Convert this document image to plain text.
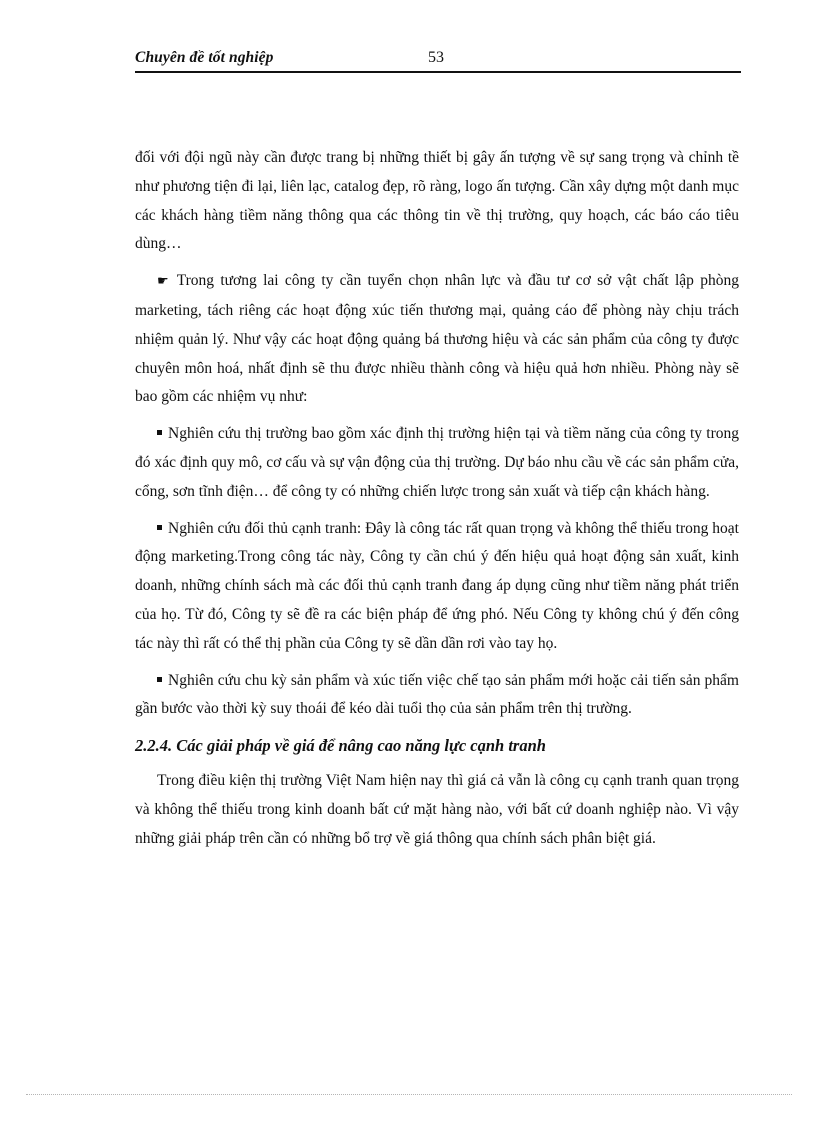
Chuyên đề tốt nghiệp	53

đối với đội ngũ này cần được trang bị những thiết bị gây ấn tượng về sự sang trọng và chỉnh tề như phương tiện đi lại, liên lạc, catalog đẹp, rõ ràng, logo ấn tượng. Cần xây dựng một danh mục các khách hàng tiềm năng thông qua các thông tin về thị trường, quy hoạch, các báo cáo tiêu dùng…

☛ Trong tương lai công ty cần tuyển chọn nhân lực và đầu tư cơ sở vật chất lập phòng marketing, tách riêng các hoạt động xúc tiến thương mại, quảng cáo để phòng này chịu trách nhiệm quản lý. Như vậy các hoạt động quảng bá thương hiệu và các sản phẩm của công ty được chuyên môn hoá, nhất định sẽ thu được nhiều thành công và hiệu quả hơn nhiều. Phòng này sẽ bao gồm các nhiệm vụ như:

Nghiên cứu thị trường bao gồm xác định thị trường hiện tại và tiềm năng của công ty trong đó xác định quy mô, cơ cấu và sự vận động của thị trường. Dự báo nhu cầu về các sản phẩm cửa, cổng, sơn tĩnh điện… để công ty có những chiến lược trong sản xuất và tiếp cận khách hàng.

Nghiên cứu đối thủ cạnh tranh: Đây là công tác rất quan trọng và không thể thiếu trong hoạt động marketing.Trong công tác này, Công ty cần chú ý đến hiệu quả hoạt động sản xuất, kinh doanh, những chính sách mà các đối thủ cạnh tranh đang áp dụng cũng như tiềm năng phát triển của họ. Từ đó, Công ty sẽ đề ra các biện pháp để ứng phó. Nếu Công ty không chú ý đến công tác này thì rất có thể thị phần của Công ty sẽ dần dần rơi vào tay họ.

Nghiên cứu chu kỳ sản phẩm và xúc tiến việc chế tạo sản phẩm mới hoặc cải tiến sản phẩm gần bước vào thời kỳ suy thoái để kéo dài tuổi thọ của sản phẩm trên thị trường.

2.2.4. Các giải pháp về giá để nâng cao năng lực cạnh tranh

Trong điều kiện thị trường Việt Nam hiện nay thì giá cả vẫn là công cụ cạnh tranh quan trọng và không thể thiếu trong kinh doanh bất cứ mặt hàng nào, với bất cứ doanh nghiệp nào. Vì vậy những giải pháp trên cần có những bổ trợ về giá thông qua chính sách phân biệt giá.
